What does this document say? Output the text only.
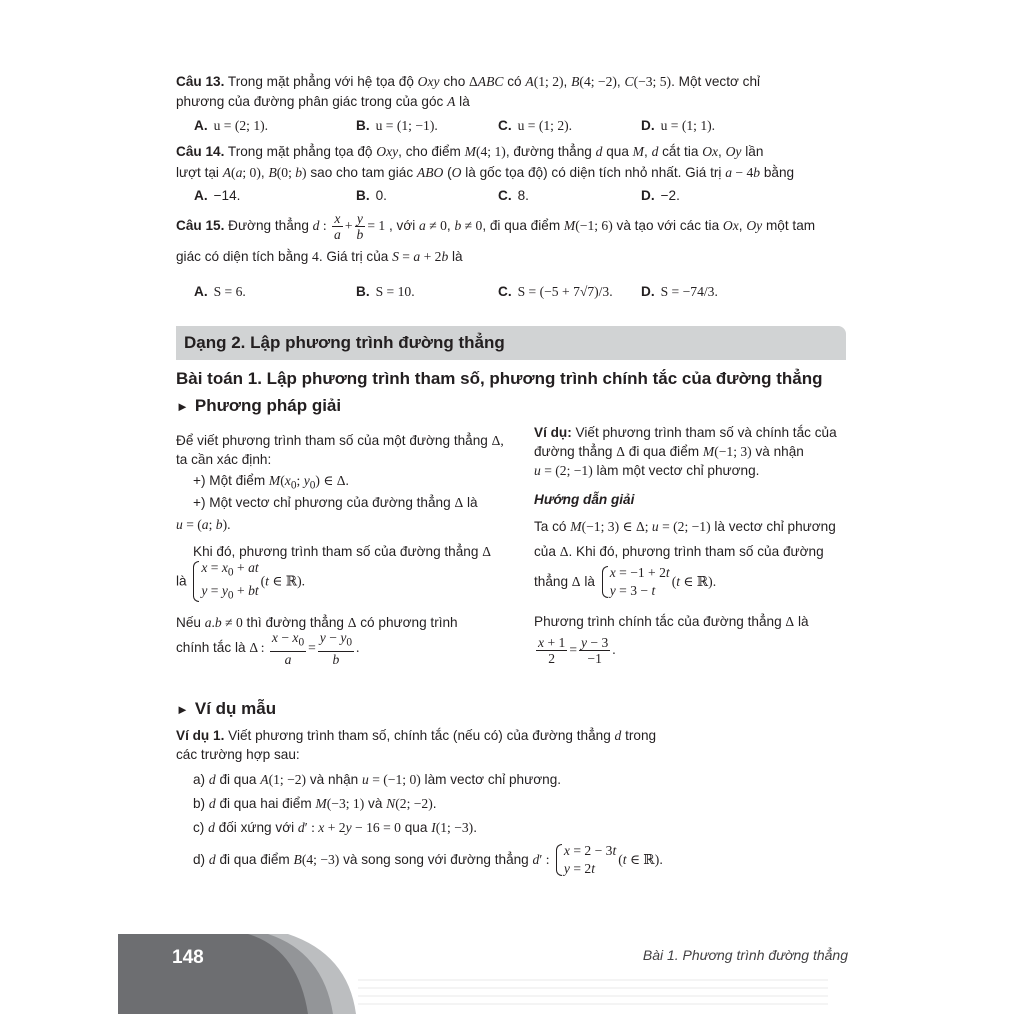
Câu 13. Trong mặt phẳng với hệ tọa độ Oxy cho ΔABC có A(1; 2), B(4; −2), C(−3; 5). Một vectơ chỉ
phương của đường phân giác trong của góc A là
A. u = (2; 1).	B. u = (1; −1).	C. u = (1; 2).	D. u = (1; 1).
Câu 14. Trong mặt phẳng tọa độ Oxy, cho điểm M(4; 1), đường thẳng d qua M, d cắt tia Ox, Oy lần
lượt tại A(a; 0), B(0; b) sao cho tam giác ABO (O là gốc tọa độ) có diện tích nhỏ nhất. Giá trị a − 4b bằng
A. −14.	B. 0.	C. 8.	D. −2.
Câu 15. Đường thẳng d : $\frac{x}{a} + \frac{y}{b} = 1$ , với a ≠ 0, b ≠ 0, đi qua điểm M(−1; 6) và tạo với các tia Ox, Oy một tam
giác có diện tích bằng 4. Giá trị của S = a + 2b là
A. S = 6.	B. S = 10.	C. S = (−5 + 7√7)/3. D. S = −74/3.
Dạng 2. Lập phương trình đường thẳng
Bài toán 1. Lập phương trình tham số, phương trình chính tắc của đường thẳng
► Phương pháp giải
Để viết phương trình tham số của một đường thẳng Δ,
ta cần xác định:
+) Một điểm $M(x_0$; $y_0$) ∈ Δ.
+) Một vectơ chỉ phương của đường thẳng Δ là
u = (a; b).
Khi đó, phương trình tham số của đường thẳng Δ
là
$x = x_0$ + at
$y = y_0$ + bt
(t ∈ ℝ).
Nếu a.b ≠ 0 thì đường thẳng Δ có phương trình
chính tắc là Δ : $\frac{x - x_0}{a} = \frac{y - y_0}{b}$ .
Ví dụ: Viết phương trình tham số và chính tắc của
đường thẳng Δ đi qua điểm M(−1; 3) và nhận
u = (2; −1) làm một vectơ chỉ phương.
Hướng dẫn giải
Ta có M(−1; 3) ∈ Δ; u = (2; −1) là vectơ chỉ phương
của Δ. Khi đó, phương trình tham số của đường
thẳng Δ là
x = −1 + 2t
y = 3 − t
(t ∈ ℝ).
Phương trình chính tắc của đường thẳng Δ là
$\frac{x + 1}{2} = \frac{y - 3}{-1}$ .
► Ví dụ mẫu
Ví dụ 1. Viết phương trình tham số, chính tắc (nếu có) của đường thẳng d trong
các trường hợp sau:
a) d đi qua A(1; −2) và nhận u = (−1; 0) làm vectơ chỉ phương.
b) d đi qua hai điểm M(−3; 1) và N(2; −2).
c) d đối xứng với d′ : x + 2y − 16 = 0 qua I(1; −3).
d) d đi qua điểm B(4; −3) và song song với đường thẳng d′ :
x = 2 − 3t
y = 2t
(t ∈ ℝ).
148	Bài 1. Phương trình đường thẳng
